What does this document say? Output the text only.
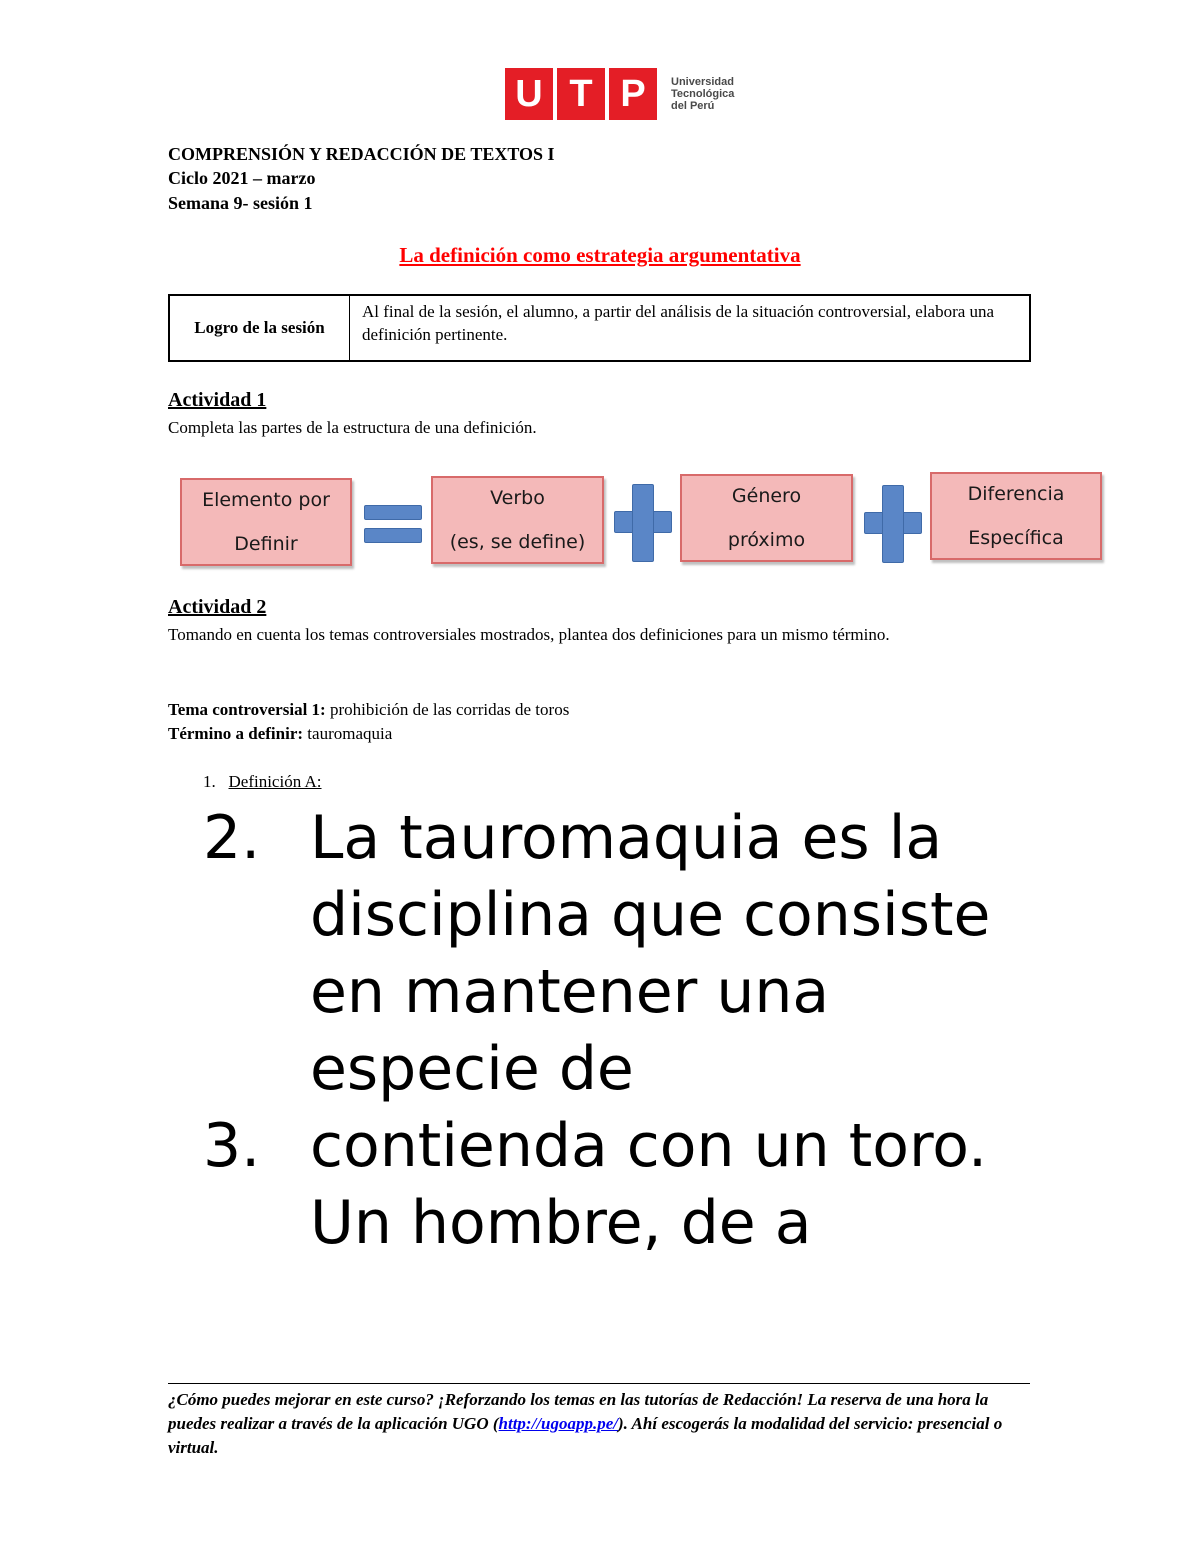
U T P	Universidad
Tecnológica
del Perú
COMPRENSIÓN Y REDACCIÓN DE TEXTOS I
Ciclo 2021 – marzo
Semana 9- sesión 1
La definición como estrategia argumentativa
Logro de la sesión
Al final de la sesión, el alumno, a partir del análisis de la situación controversial, elabora una definición pertinente.
Actividad 1
Completa las partes de la estructura de una definición.
Elemento por
Definir
Verbo
(es, se define)
Género
próximo
Diferencia
Específica
Actividad 2
Tomando en cuenta los temas controversiales mostrados, plantea dos definiciones para un mismo término.
Tema controversial 1: prohibición de las corridas de toros
Término a definir: tauromaquia
1. Definición A:
2. La tauromaquia es la disciplina que consiste en mantener una especie de
3. contienda con un toro. Un hombre, de a
¿Cómo puedes mejorar en este curso? ¡Reforzando los temas en las tutorías de Redacción! La reserva de una hora la puedes realizar a través de la aplicación UGO (http://ugoapp.pe/). Ahí escogerás la modalidad del servicio: presencial o virtual.
